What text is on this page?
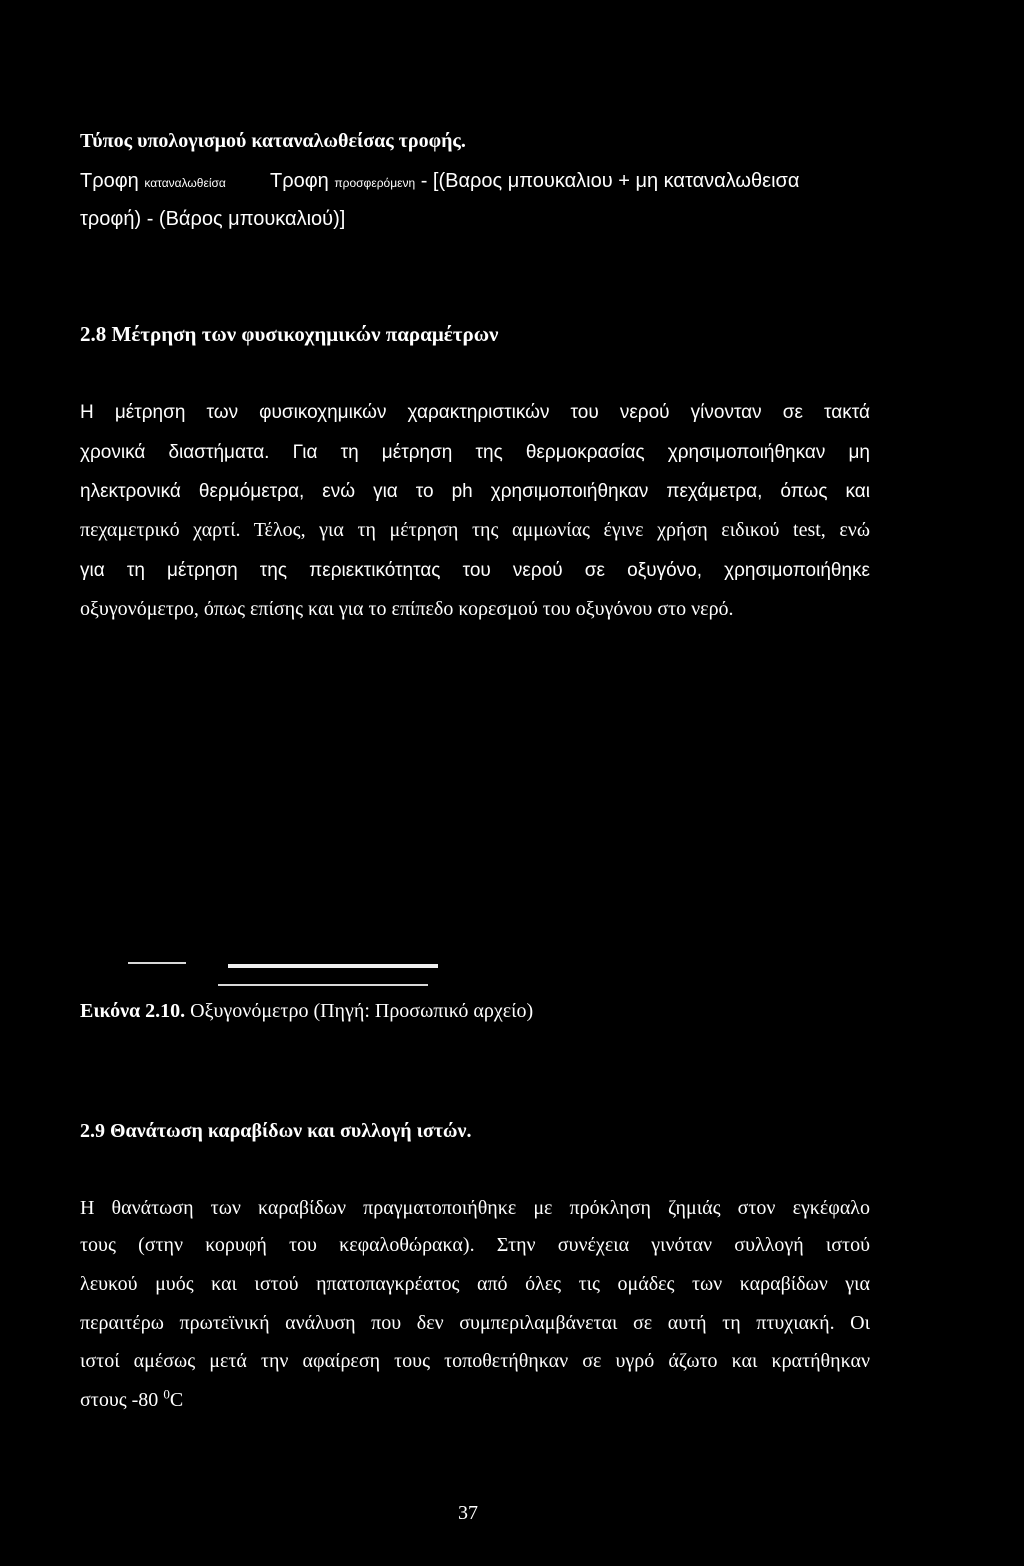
Τύπος υπολογισμού καταναλωθείσας τροφής.
Τροφη καταναλωθείσα Τροφη προσφερόμενη - [(Βαρος μπουκαλιου + μη καταναλωθεισα
τροφή) - (Βάρος μπουκαλιού)]
2.8 Μέτρηση των φυσικοχημικών παραμέτρων
Η μέτρηση των φυσικοχημικών χαρακτηριστικών του νερού γίνονταν σε τακτά
χρονικά διαστήματα. Για τη μέτρηση της θερμοκρασίας χρησιμοποιήθηκαν μη
ηλεκτρονικά θερμόμετρα, ενώ για το ph χρησιμοποιήθηκαν πεχάμετρα, όπως και
πεχαμετρικό χαρτί. Τέλος, για τη μέτρηση της αμμωνίας έγινε χρήση ειδικού test, ενώ
για τη μέτρηση της περιεκτικότητας του νερού σε οξυγόνο, χρησιμοποιήθηκε
οξυγονόμετρο, όπως επίσης και για το επίπεδο κορεσμού του οξυγόνου στο νερό.
Εικόνα 2.10. Οξυγονόμετρο (Πηγή: Προσωπικό αρχείο)
2.9 Θανάτωση καραβίδων και συλλογή ιστών.
Η θανάτωση των καραβίδων πραγματοποιήθηκε με πρόκληση ζημιάς στον εγκέφαλο
τους (στην κορυφή του κεφαλοθώρακα). Στην συνέχεια γινόταν συλλογή ιστού
λευκού μυός και ιστού ηπατοπαγκρέατος από όλες τις ομάδες των καραβίδων για
περαιτέρω πρωτεϊνική ανάλυση που δεν συμπεριλαμβάνεται σε αυτή τη πτυχιακή. Οι
ιστοί αμέσως μετά την αφαίρεση τους τοποθετήθηκαν σε υγρό άζωτο και κρατήθηκαν
στους -80 $^0$C
37
